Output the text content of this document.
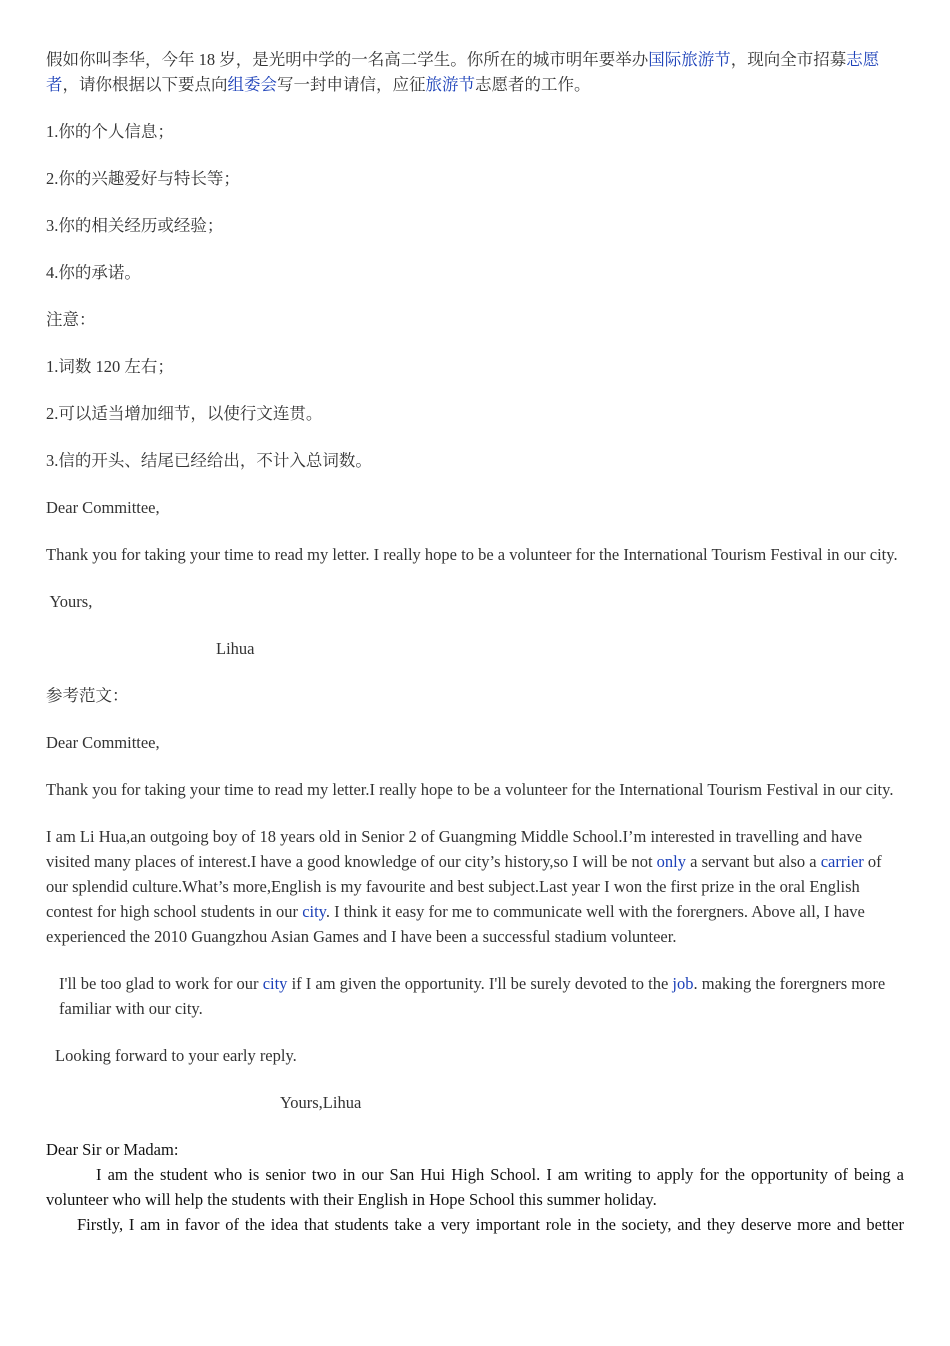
假如你叫李华，今年 18 岁，是光明中学的一名高二学生。你所在的城市明年要举办国际旅游节，现向全市招募志愿者，请你根据以下要点向组委会写一封申请信，应征旅游节志愿者的工作。

1.你的个人信息；

2.你的兴趣爱好与特长等；

3.你的相关经历或经验；

4.你的承诺。

注意：

1.词数 120 左右；

2.可以适当增加细节，以使行文连贯。

3.信的开头、结尾已经给出，不计入总词数。

Dear Committee,

Thank you for taking your time to read my letter. I really hope to be a volunteer for the International Tourism Festival in our city.

Yours,

Lihua

参考范文：

Dear Committee,

Thank you for taking your time to read my letter.I really hope to be a volunteer for the International Tourism Festival in our city.

I am Li Hua,an outgoing boy of 18 years old in Senior 2 of Guangming Middle School.I’m interested in travelling and have visited many places of interest.I have a good knowledge of our city’s history,so I will be not only a servant but also a carrier of our splendid culture.What’s more,English is my favourite and best subject.Last year I won the first prize in the oral English contest for high school students in our city. I think it easy for me to communicate well with the forergners. Above all, I have experienced the 2010 Guangzhou Asian Games and I have been a successful stadium volunteer.

I'll be too glad to work for our city if I am given the opportunity. I'll be surely devoted to the job. making the forergners more familiar with our city.

Looking forward to your early reply.

Yours,Lihua

Dear Sir or Madam:

I am the student who is senior two in our San Hui High School. I am writing to apply for the opportunity of being a volunteer who will help the students with their English in Hope School this summer holiday.

Firstly, I am in favor of the idea that students take a very important role in the society, and they deserve more and better
